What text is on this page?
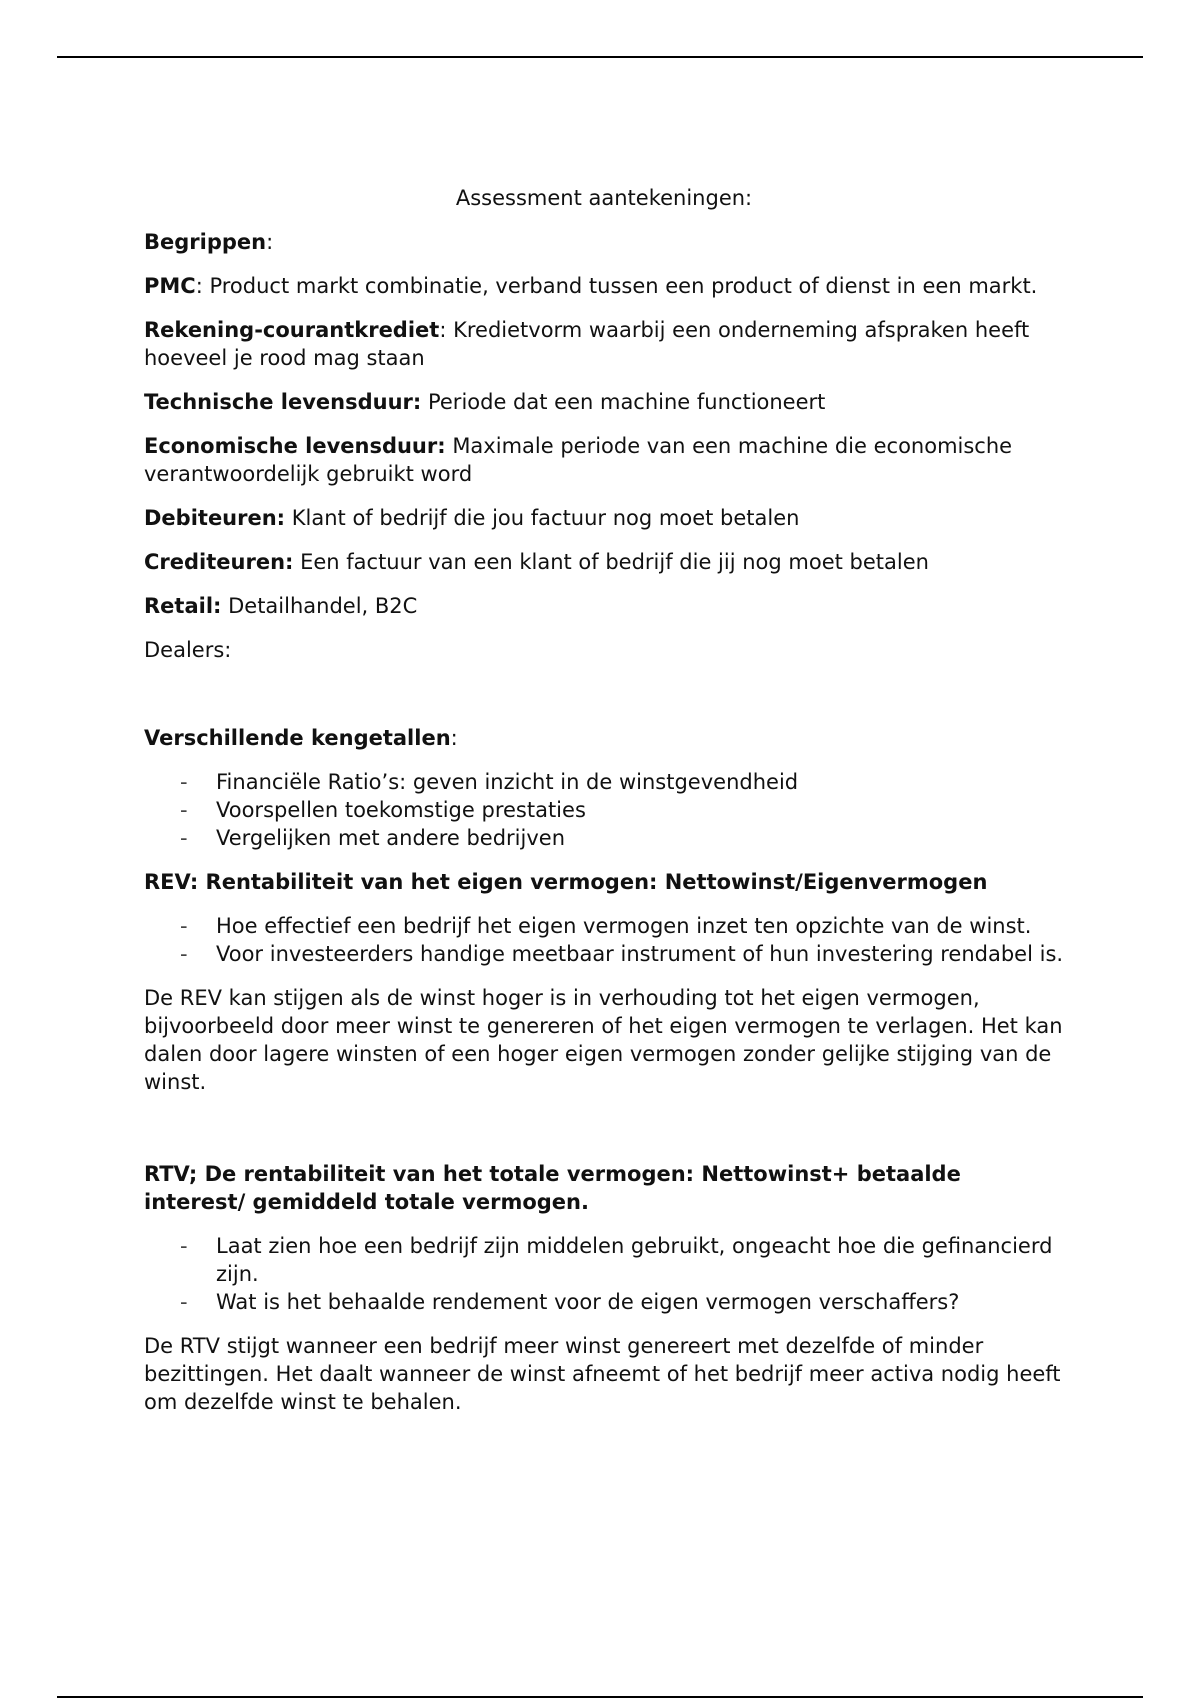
Assessment aantekeningen:

Begrippen:

PMC: Product markt combinatie, verband tussen een product of dienst in een markt.

Rekening-courantkrediet: Kredietvorm waarbij een onderneming afspraken heeft hoeveel je rood mag staan

Technische levensduur: Periode dat een machine functioneert

Economische levensduur: Maximale periode van een machine die economische verantwoordelijk gebruikt word

Debiteuren: Klant of bedrijf die jou factuur nog moet betalen

Crediteuren: Een factuur van een klant of bedrijf die jij nog moet betalen

Retail: Detailhandel, B2C

Dealers:

Verschillende kengetallen:

- Financiële Ratio’s: geven inzicht in de winstgevendheid
- Voorspellen toekomstige prestaties
- Vergelijken met andere bedrijven

REV: Rentabiliteit van het eigen vermogen: Nettowinst/Eigenvermogen

- Hoe effectief een bedrijf het eigen vermogen inzet ten opzichte van de winst.
- Voor investeerders handige meetbaar instrument of hun investering rendabel is.

De REV kan stijgen als de winst hoger is in verhouding tot het eigen vermogen, bijvoorbeeld door meer winst te genereren of het eigen vermogen te verlagen. Het kan dalen door lagere winsten of een hoger eigen vermogen zonder gelijke stijging van de winst.

RTV; De rentabiliteit van het totale vermogen: Nettowinst+ betaalde interest/ gemiddeld totale vermogen.

- Laat zien hoe een bedrijf zijn middelen gebruikt, ongeacht hoe die gefinancierd zijn.
- Wat is het behaalde rendement voor de eigen vermogen verschaffers?

De RTV stijgt wanneer een bedrijf meer winst genereert met dezelfde of minder bezittingen. Het daalt wanneer de winst afneemt of het bedrijf meer activa nodig heeft om dezelfde winst te behalen.
